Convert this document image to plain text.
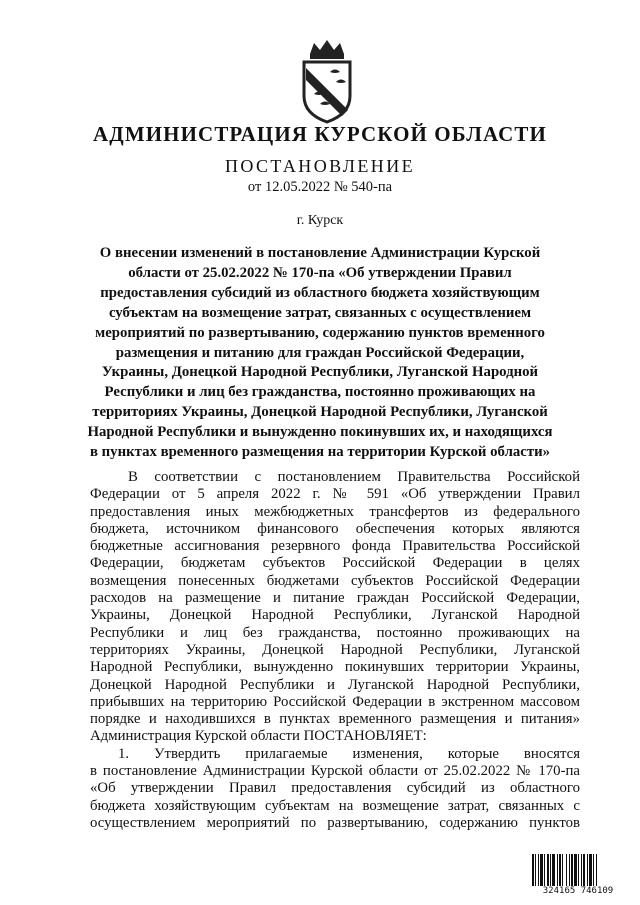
АДМИНИСТРАЦИЯ КУРСКОЙ ОБЛАСТИ
ПОСТАНОВЛЕНИЕ
от 12.05.2022 № 540-па
г. Курск
О внесении изменений в постановление Администрации Курской
области от 25.02.2022 № 170-па «Об утверждении Правил
предоставления субсидий из областного бюджета хозяйствующим
субъектам на возмещение затрат, связанных с осуществлением
мероприятий по развертыванию, содержанию пунктов временного
размещения и питанию для граждан Российской Федерации,
Украины, Донецкой Народной Республики, Луганской Народной
Республики и лиц без гражданства, постоянно проживающих на
территориях Украины, Донецкой Народной Республики, Луганской
Народной Республики и вынужденно покинувших их, и находящихся
в пунктах временного размещения на территории Курской области»
В соответствии с постановлением Правительства Российской
Федерации от 5 апреля 2022 г. № 591 «Об утверждении Правил
предоставления иных межбюджетных трансфертов из федерального
бюджета, источником финансового обеспечения которых являются
бюджетные ассигнования резервного фонда Правительства Российской
Федерации, бюджетам субъектов Российской Федерации в целях
возмещения понесенных бюджетами субъектов Российской Федерации
расходов на размещение и питание граждан Российской Федерации,
Украины, Донецкой Народной Республики, Луганской Народной
Республики и лиц без гражданства, постоянно проживающих на
территориях Украины, Донецкой Народной Республики, Луганской
Народной Республики, вынужденно покинувших территории Украины,
Донецкой Народной Республики и Луганской Народной Республики,
прибывших на территорию Российской Федерации в экстренном массовом
порядке и находившихся в пунктах временного размещения и питания»
Администрация Курской области ПОСТАНОВЛЯЕТ:
1. Утвердить прилагаемые изменения, которые вносятся
в постановление Администрации Курской области от 25.02.2022 № 170-па
«Об утверждении Правил предоставления субсидий из областного
бюджета хозяйствующим субъектам на возмещение затрат, связанных с
осуществлением мероприятий по развертыванию, содержанию пунктов
324165 746109
